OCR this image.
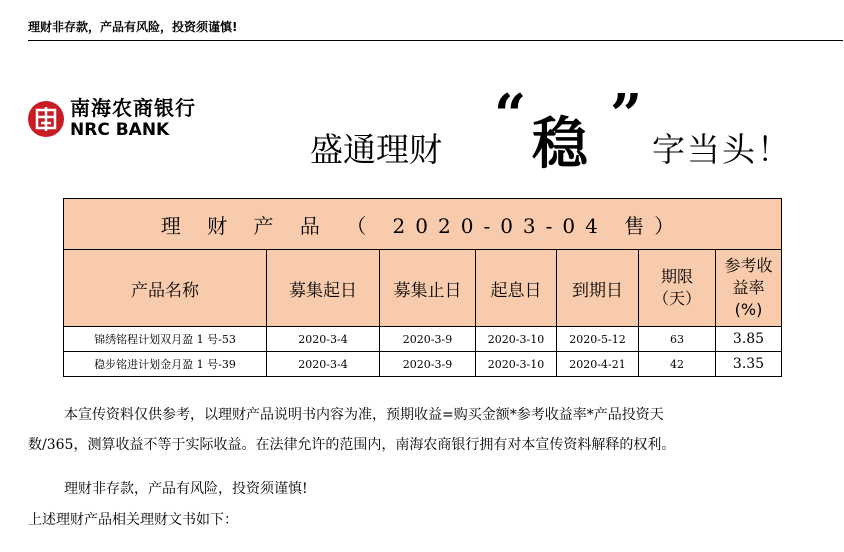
理财非存款，产品有风险，投资须谨慎!
南海农商银行
NRC BANK	盛通理财
“ 稳 ”
字当头！
理 财 产 品 （ 2020-03-04 售）						
产品名称	募集起日	募集止日	起息日	到期日	期限（天）	参考收益率(%)
锦绣铭程计划双月盈 1 号-53	2020-3-4	2020-3-9	2020-3-10	2020-5-12	63	3.85
稳步铭进计划金月盈 1 号-39	2020-3-4	2020-3-9	2020-3-10	2020-4-21	42	3.35
本宣传资料仅供参考，以理财产品说明书内容为准，预期收益=购买金额*参考收益率*产品投资天
数/365，测算收益不等于实际收益。在法律允许的范围内，南海农商银行拥有对本宣传资料解释的权利。
理财非存款，产品有风险，投资须谨慎!
上述理财产品相关理财文书如下：
